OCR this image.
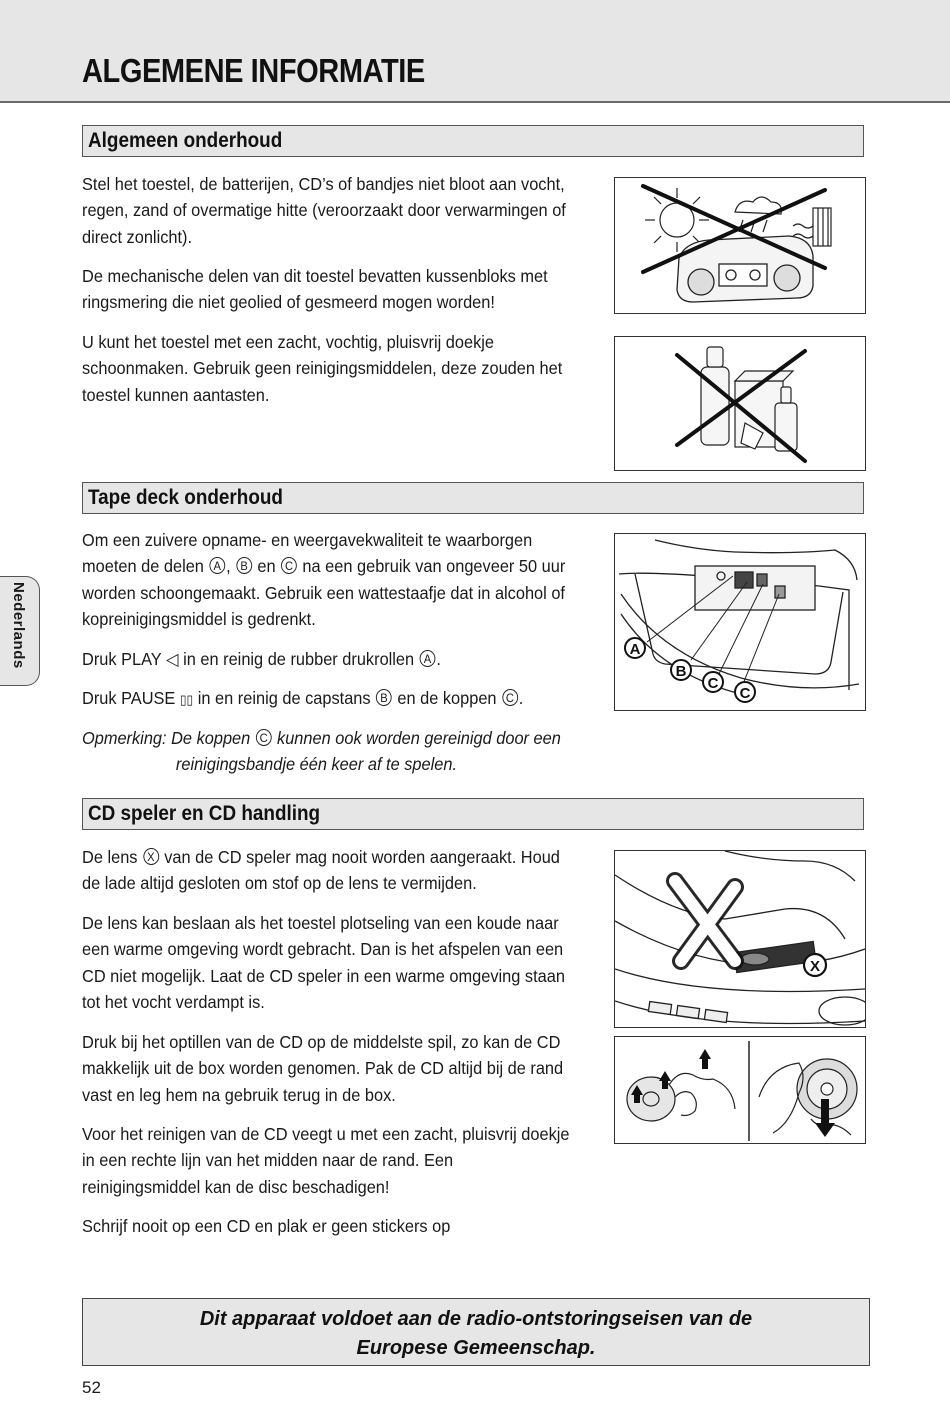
ALGEMENE INFORMATIE
Nederlands
Algemeen onderhoud

Stel het toestel, de batterijen, CD’s of bandjes niet bloot aan vocht,
regen, zand of overmatige hitte (veroorzaakt door verwarmingen of
direct zonlicht).

De mechanische delen van dit toestel bevatten kussenbloks met
ringsmering die niet geolied of gesmeerd mogen worden!

U kunt het toestel met een zacht, vochtig, pluisvrij doekje
schoonmaken. Gebruik geen reinigingsmiddelen, deze zouden het
toestel kunnen aantasten.

Tape deck onderhoud

Om een zuivere opname- en weergavekwaliteit te waarborgen
moeten de delen A , B en C na een gebruik van ongeveer 50 uur
worden schoongemaakt. Gebruik een wattestaafje dat in alcohol of
kopreinigingsmiddel is gedrenkt.

Druk PLAY ◁ in en reinig de rubber drukrollen A .

Druk PAUSE ▯▯ in en reinig de capstans B en de koppen C .

Opmerking: De koppen C kunnen ook worden gereinigd door een
reinigingsbandje één keer af te spelen.

A
B
C
C
CD speler en CD handling

De lens X van de CD speler mag nooit worden aangeraakt. Houd
de lade altijd gesloten om stof op de lens te vermijden.

De lens kan beslaan als het toestel plotseling van een koude naar
een warme omgeving wordt gebracht. Dan is het afspelen van een
CD niet mogelijk. Laat de CD speler in een warme omgeving staan
tot het vocht verdampt is.

Druk bij het optillen van de CD op de middelste spil, zo kan de CD
makkelijk uit de box worden genomen. Pak de CD altijd bij de rand
vast en leg hem na gebruik terug in de box.

Voor het reinigen van de CD veegt u met een zacht, pluisvrij doekje
in een rechte lijn van het midden naar de rand. Een
reinigingsmiddel kan de disc beschadigen!

Schrijf nooit op een CD en plak er geen stickers op

X

Dit apparaat voldoet aan de radio-ontstoringseisen van de

Europese Gemeenschap.

52
